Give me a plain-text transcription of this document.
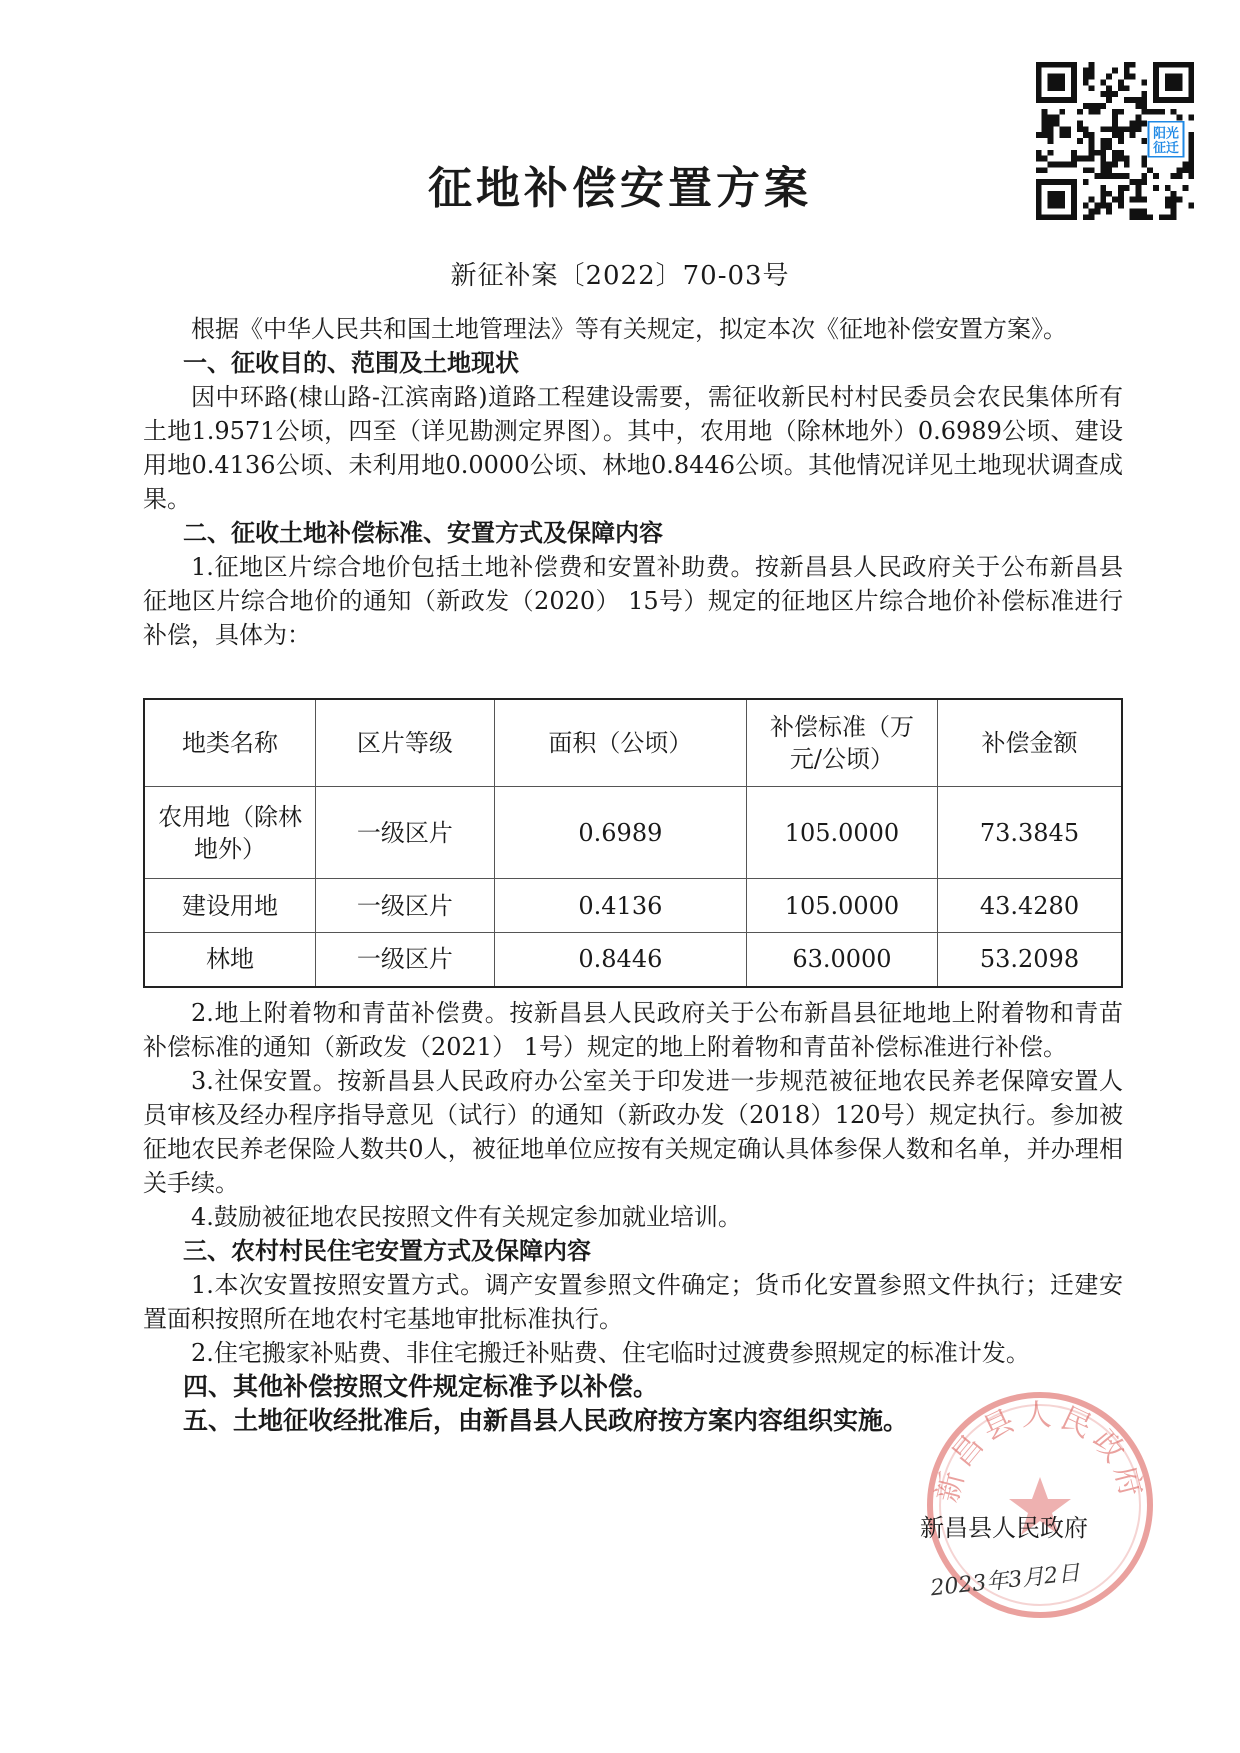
阳光
征迁
征地补偿安置方案
新征补案〔2022〕70-03号

根据《中华人民共和国土地管理法》等有关规定，拟定本次《征地补偿安置方案》。

一、征收目的、范围及土地现状

因中环路(棣山路-江滨南路)道路工程建设需要，需征收新民村村民委员会农民集体所有土地1.9571公顷，四至（详见勘测定界图）。其中，农用地（除林地外）0.6989公顷、建设用地0.4136公顷、未利用地0.0000公顷、林地0.8446公顷。其他情况详见土地现状调查成果。

二、征收土地补偿标准、安置方式及保障内容

1.征地区片综合地价包括土地补偿费和安置补助费。按新昌县人民政府关于公布新昌县征地区片综合地价的通知（新政发（2020） 15号）规定的征地区片综合地价补偿标准进行补偿，具体为：

地类名称	区片等级	面积（公顷）	补偿标准（万元/公顷）	补偿金额
农用地（除林地外）	一级区片	0.6989	105.0000	73.3845
建设用地	一级区片	0.4136	105.0000	43.4280
林地	一级区片	0.8446	63.0000	53.2098

2.地上附着物和青苗补偿费。按新昌县人民政府关于公布新昌县征地地上附着物和青苗补偿标准的通知（新政发（2021） 1号）规定的地上附着物和青苗补偿标准进行补偿。

3.社保安置。按新昌县人民政府办公室关于印发进一步规范被征地农民养老保障安置人员审核及经办程序指导意见（试行）的通知（新政办发（2018）120号）规定执行。参加被征地农民养老保险人数共0人，被征地单位应按有关规定确认具体参保人数和名单，并办理相关手续。

4.鼓励被征地农民按照文件有关规定参加就业培训。

三、农村村民住宅安置方式及保障内容

1.本次安置按照安置方式。调产安置参照文件确定；货币化安置参照文件执行；迁建安置面积按照所在地农村宅基地审批标准执行。

2.住宅搬家补贴费、非住宅搬迁补贴费、住宅临时过渡费参照规定的标准计发。

四、其他补偿按照文件规定标准予以补偿。

五、土地征收经批准后，由新昌县人民政府按方案内容组织实施。

新昌县人民政府
新昌县人民政府
2023年3月2日
